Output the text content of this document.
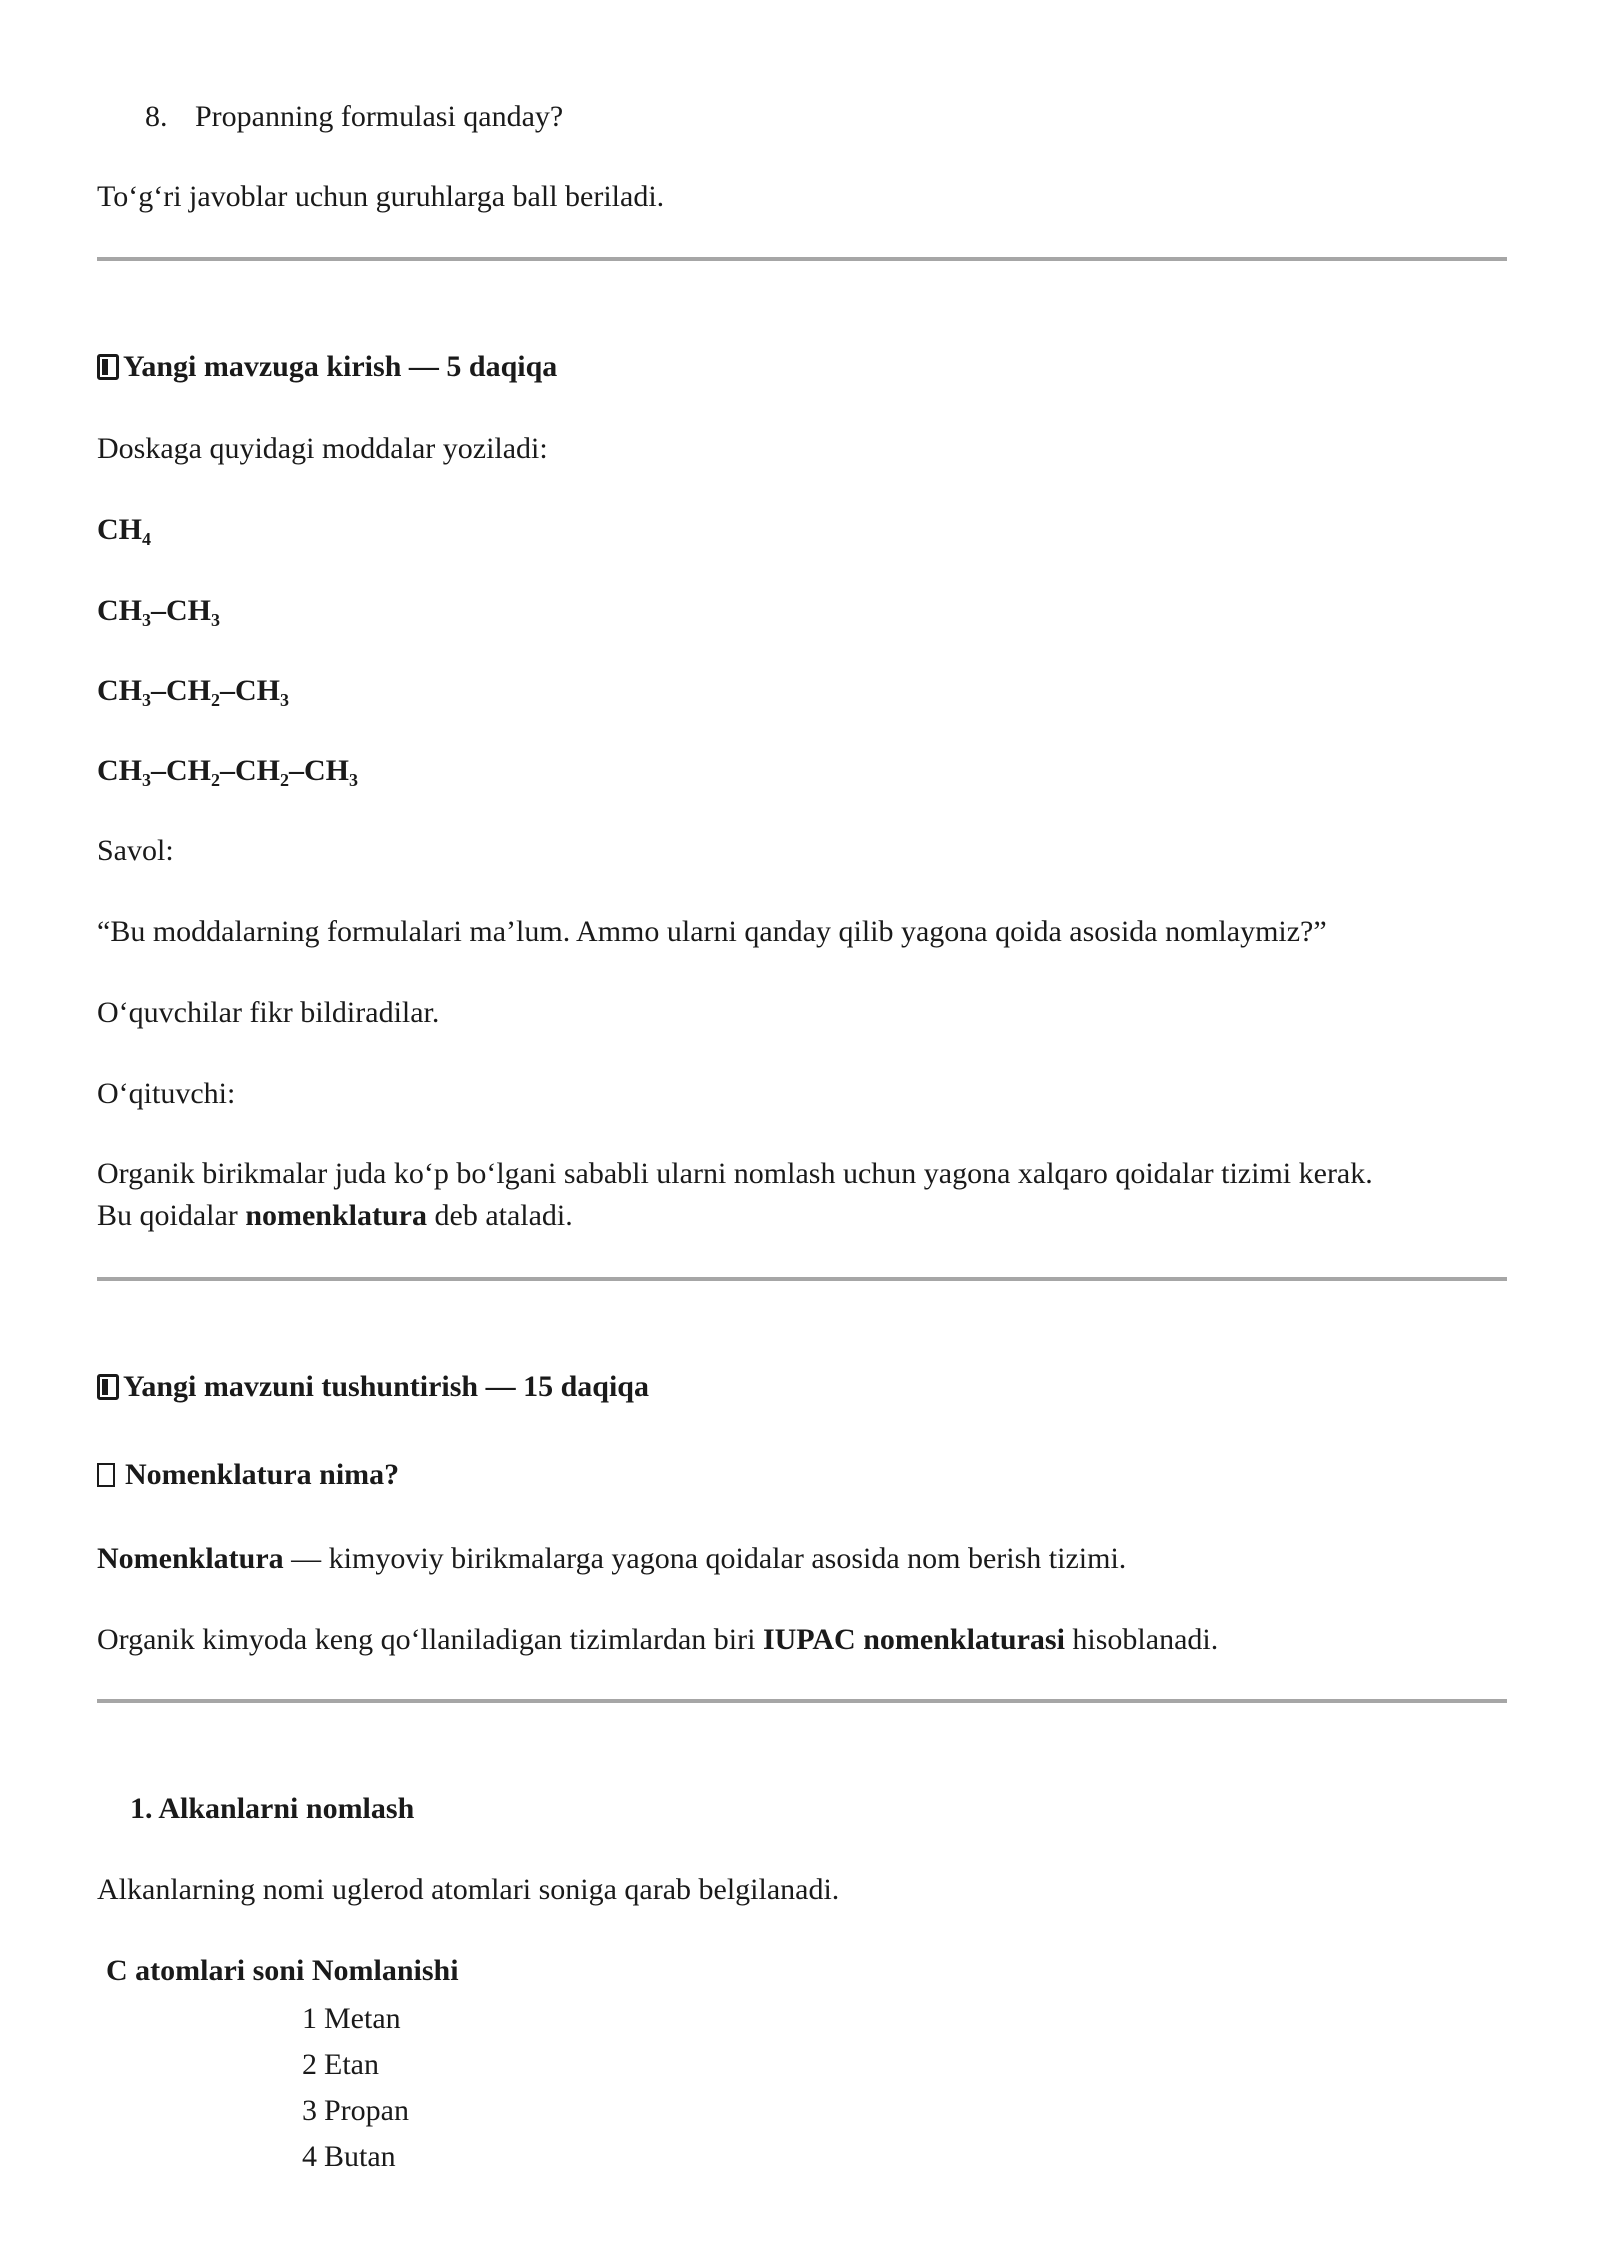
8. Propanning formulasi qanday?

To‘g‘ri javoblar uchun guruhlarga ball beriladi.

Yangi mavzuga kirish — 5 daqiqa

Doskaga quyidagi moddalar yoziladi:

$CH_4$

$CH_3-CH_3$

$CH_3-CH_2-CH_3$

$CH_3-CH_2-CH_2-CH_3$

Savol:

“Bu moddalarning formulalari ma’lum. Ammo ularni qanday qilib yagona qoida asosida nomlaymiz?”

O‘quvchilar fikr bildiradilar.

O‘qituvchi:

Organik birikmalar juda ko‘p bo‘lgani sababli ularni nomlash uchun yagona xalqaro qoidalar tizimi kerak.

Bu qoidalar nomenklatura deb ataladi.

Yangi mavzuni tushuntirish — 15 daqiqa

Nomenklatura nima?

Nomenklatura — kimyoviy birikmalarga yagona qoidalar asosida nom berish tizimi.

Organik kimyoda keng qo‘llaniladigan tizimlardan biri IUPAC nomenklaturasi hisoblanadi.

1. Alkanlarni nomlash

Alkanlarning nomi uglerod atomlari soniga qarab belgilanadi.

C atomlari soni Nomlanishi

1 Metan
2 Etan
3 Propan
4 Butan
